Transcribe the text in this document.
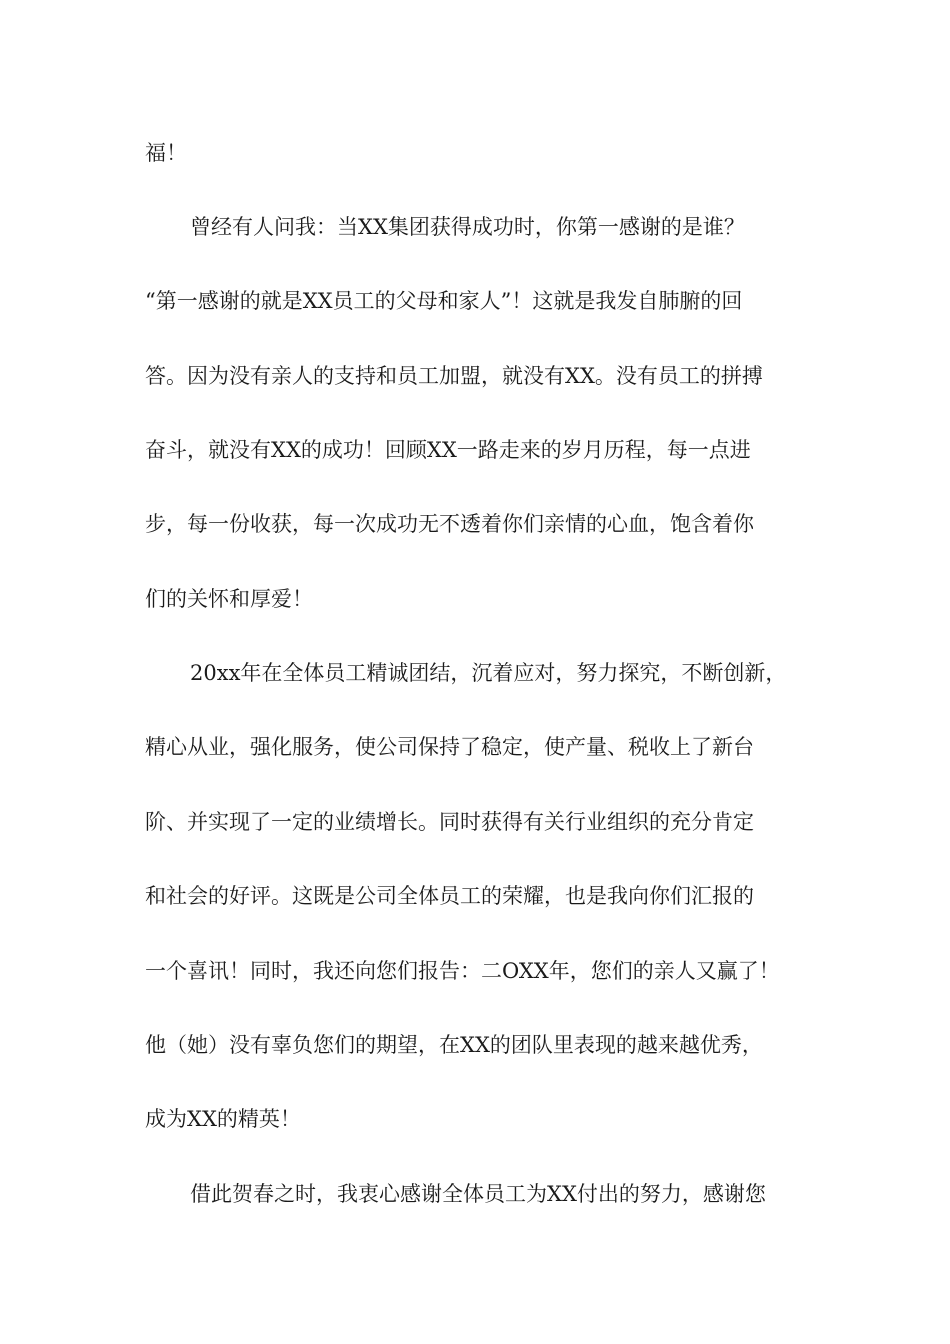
福！
曾经有人问我：当XX集团获得成功时，你第一感谢的是谁？
“第一感谢的就是XX员工的父母和家人”！这就是我发自肺腑的回
答。因为没有亲人的支持和员工加盟，就没有XX。没有员工的拼搏
奋斗，就没有XX的成功！回顾XX一路走来的岁月历程，每一点进
步，每一份收获，每一次成功无不透着你们亲情的心血，饱含着你
们的关怀和厚爱！
20xx年在全体员工精诚团结，沉着应对，努力探究，不断创新，
精心从业，强化服务，使公司保持了稳定，使产量、税收上了新台
阶、并实现了一定的业绩增长。同时获得有关行业组织的充分肯定
和社会的好评。这既是公司全体员工的荣耀，也是我向你们汇报的
一个喜讯！同时，我还向您们报告：二OXX年，您们的亲人又赢了！
他（她）没有辜负您们的期望，在XX的团队里表现的越来越优秀，
成为XX的精英！
借此贺春之时，我衷心感谢全体员工为XX付出的努力，感谢您
